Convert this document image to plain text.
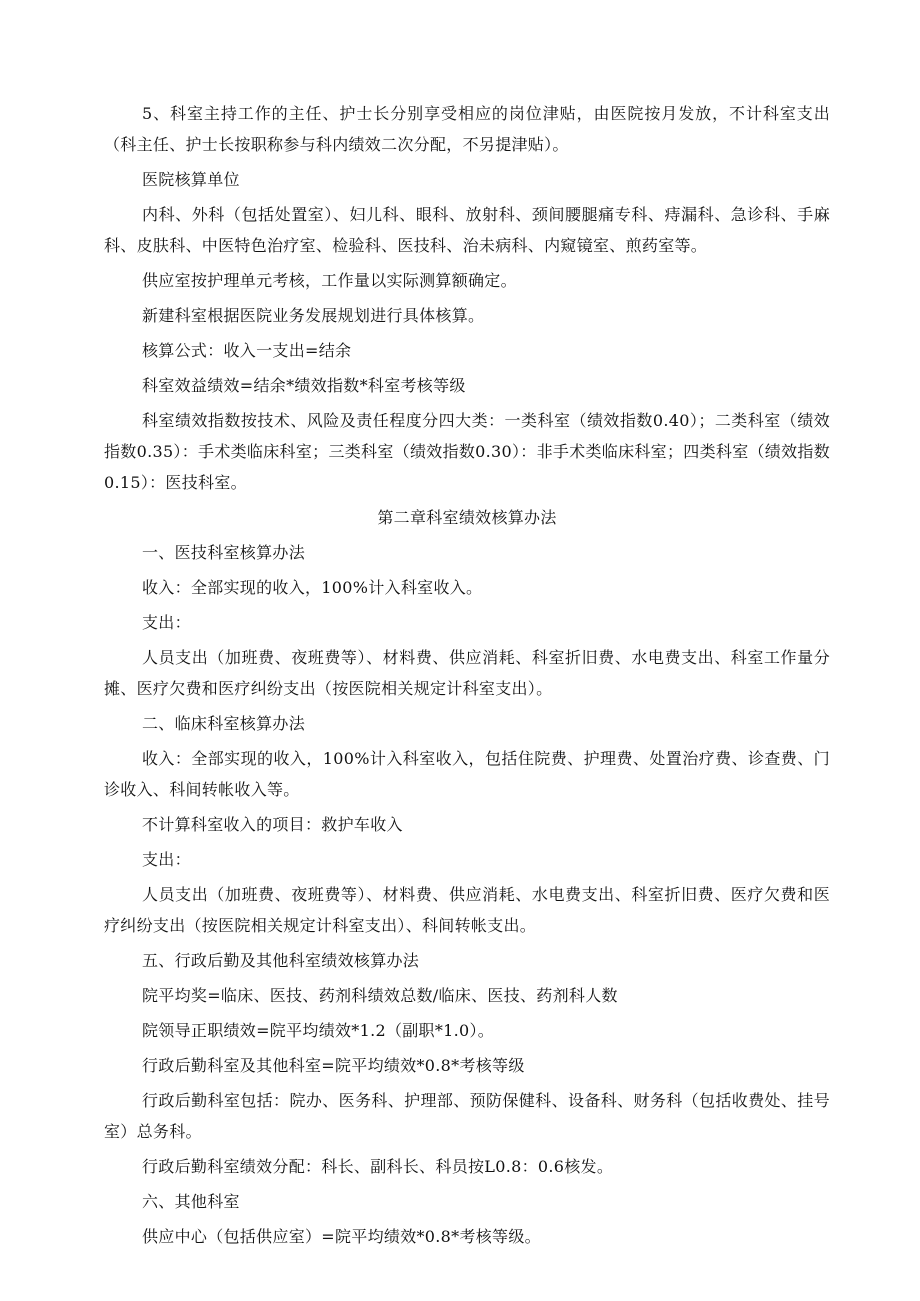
5、科室主持工作的主任、护士长分别享受相应的岗位津贴，由医院按月发放，不计科室支出（科主任、护士长按职称参与科内绩效二次分配，不另提津贴）。

医院核算单位

内科、外科（包括处置室）、妇儿科、眼科、放射科、颈间腰腿痛专科、痔漏科、急诊科、手麻科、皮肤科、中医特色治疗室、检验科、医技科、治未病科、内窥镜室、煎药室等。

供应室按护理单元考核，工作量以实际测算额确定。

新建科室根据医院业务发展规划进行具体核算。

核算公式：收入一支出=结余

科室效益绩效=结余*绩效指数*科室考核等级

科室绩效指数按技术、风险及责任程度分四大类：一类科室（绩效指数0.40）；二类科室（绩效指数0.35）：手术类临床科室；三类科室（绩效指数0.30）：非手术类临床科室；四类科室（绩效指数0.15）：医技科室。

第二章科室绩效核算办法

一、医技科室核算办法

收入：全部实现的收入，100%计入科室收入。

支出：

人员支出（加班费、夜班费等）、材料费、供应消耗、科室折旧费、水电费支出、科室工作量分摊、医疗欠费和医疗纠纷支出（按医院相关规定计科室支出）。

二、临床科室核算办法

收入：全部实现的收入，100%计入科室收入，包括住院费、护理费、处置治疗费、诊查费、门诊收入、科间转帐收入等。

不计算科室收入的项目：救护车收入

支出：

人员支出（加班费、夜班费等）、材料费、供应消耗、水电费支出、科室折旧费、医疗欠费和医疗纠纷支出（按医院相关规定计科室支出）、科间转帐支出。

五、行政后勤及其他科室绩效核算办法

院平均奖=临床、医技、药剂科绩效总数/临床、医技、药剂科人数

院领导正职绩效=院平均绩效*1.2（副职*1.0）。

行政后勤科室及其他科室=院平均绩效*0.8*考核等级

行政后勤科室包括：院办、医务科、护理部、预防保健科、设备科、财务科（包括收费处、挂号室）总务科。

行政后勤科室绩效分配：科长、副科长、科员按L0.8：0.6核发。

六、其他科室

供应中心（包括供应室）=院平均绩效*0.8*考核等级。
